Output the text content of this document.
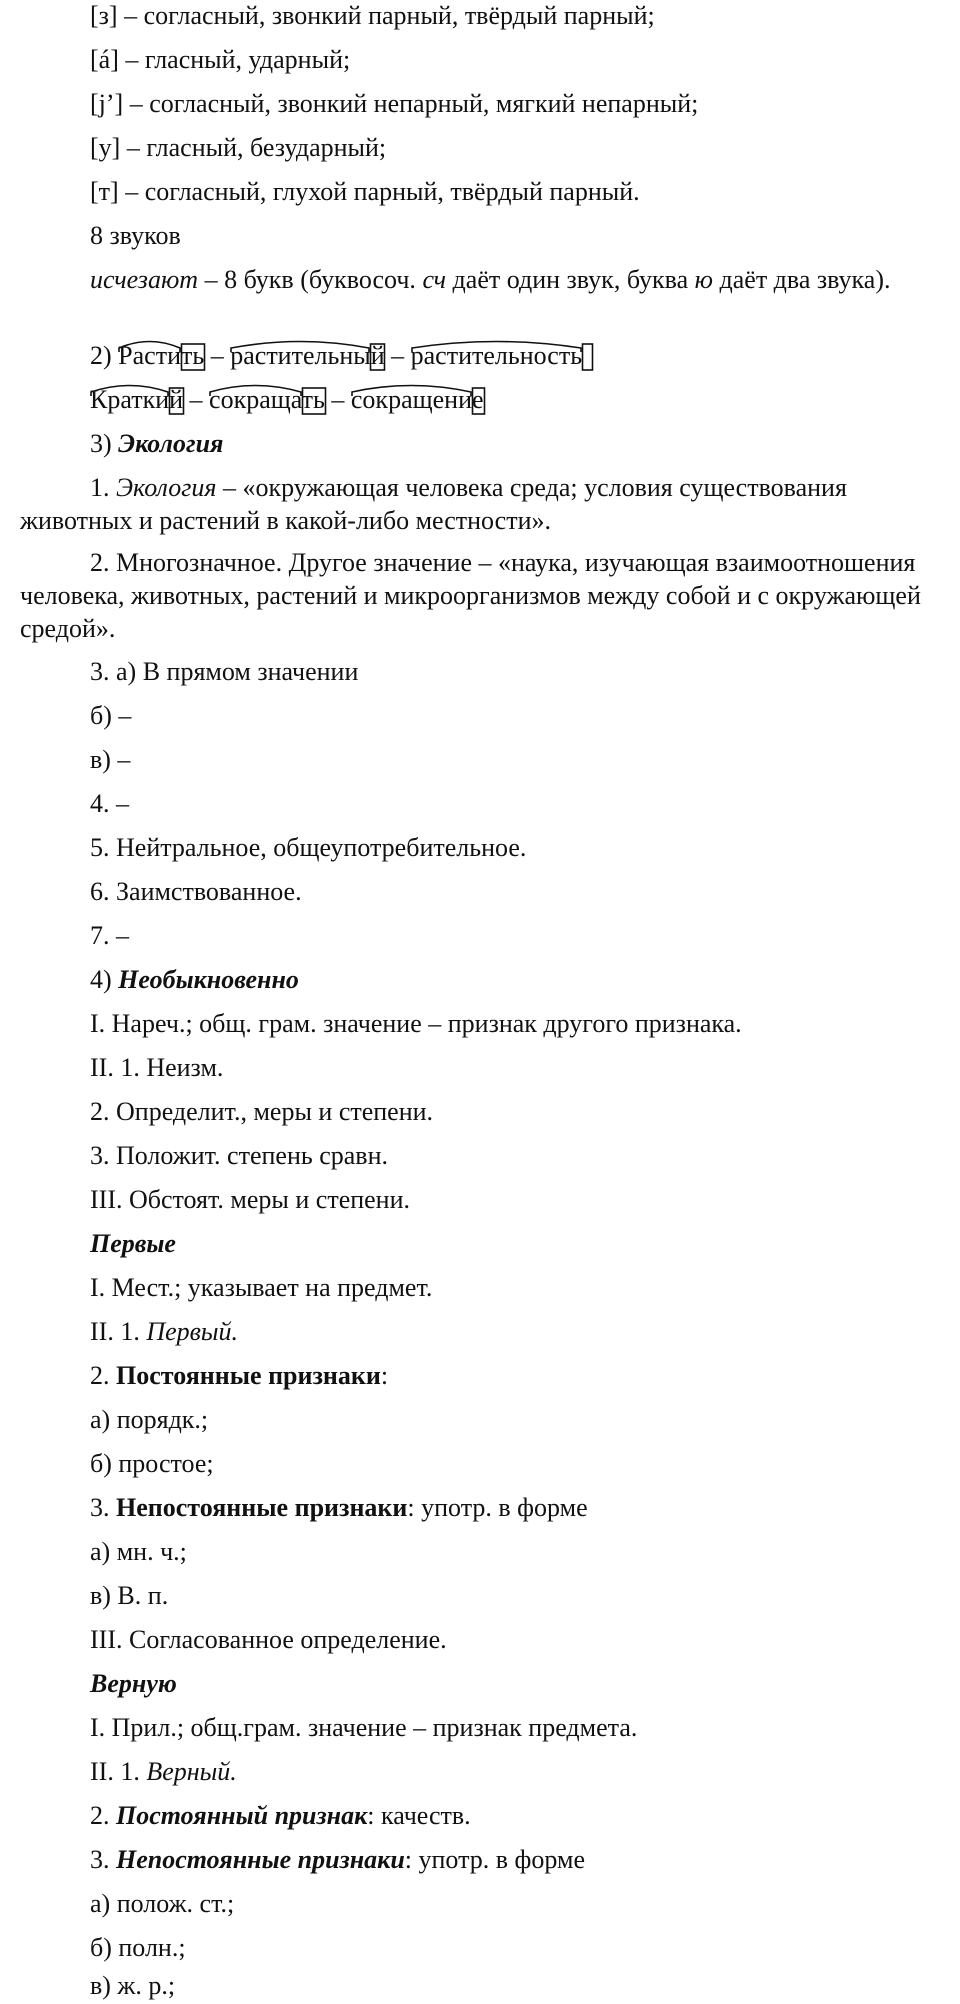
[з] – согласный, звонкий парный, твёрдый парный;
[á] – гласный, ударный;
[j’] – согласный, звонкий непарный, мягкий непарный;
[у] – гласный, безударный;
[т] – согласный, глухой парный, твёрдый парный.
8 звуков
исчезают – 8 букв (буквосоч. сч даёт один звук, буква ю даёт два звука).
2) Растить
– растительный
– растительность
Краткий
– сокращать
– сокращение
3) Экология
1. Экология – «окружающая человека среда; условия существования животных и растений в какой-либо местности».
2. Многозначное. Другое значение – «наука, изучающая взаимоотношения человека, животных, растений и микроорганизмов между собой и с окружающей средой».
3. а) В прямом значении
б) –
в) –
4. –
5. Нейтральное, общеупотребительное.
6. Заимствованное.
7. –
4) Необыкновенно
I. Нареч.; общ. грам. значение – признак другого признака.
II. 1. Неизм.
2. Определит., меры и степени.
3. Положит. степень сравн.
III. Обстоят. меры и степени.
Первые
I. Мест.; указывает на предмет.
II. 1. Первый.
2. Постоянные признаки:
а) порядк.;
б) простое;
3. Непостоянные признаки: употр. в форме
а) мн. ч.;
в) В. п.
III. Согласованное определение.
Верную
I. Прил.; общ.грам. значение – признак предмета.
II. 1. Верный.
2. Постоянный признак: качеств.
3. Непостоянные признаки: употр. в форме
а) полож. ст.;
б) полн.;
в) ж. р.;
